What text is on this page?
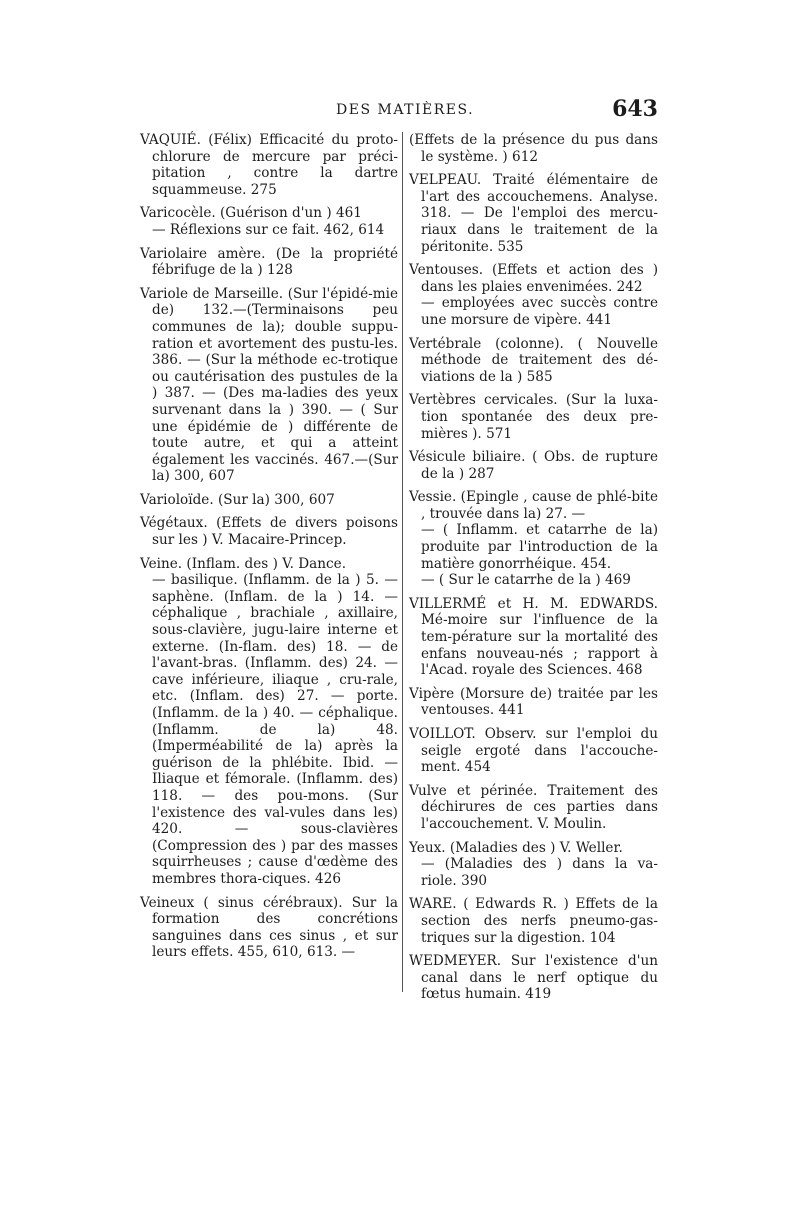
DES MATIÈRES.	643

VAQUIÉ. (Félix) Efficacité du proto-chlorure de mercure par préci-pitation , contre la dartre squammeuse. 275

Varicocèle. (Guérison d'un ) 461
— Réflexions sur ce fait. 462, 614

Variolaire amère. (De la propriété fébrifuge de la ) 128

Variole de Marseille. (Sur l'épidé-mie de) 132.—(Terminaisons peu communes de la); double suppu-ration et avortement des pustu-les. 386. — (Sur la méthode ec-trotique ou cautérisation des pustules de la ) 387. — (Des ma-ladies des yeux survenant dans la ) 390. — ( Sur une épidémie de ) différente de toute autre, et qui a atteint également les vaccinés. 467.—(Sur la) 300, 607

Varioloïde. (Sur la) 300, 607

Végétaux. (Effets de divers poisons sur les ) V. Macaire-Princep.

Veine. (Inflam. des ) V. Dance.
— basilique. (Inflamm. de la ) 5. — saphène. (Inflam. de la ) 14. — céphalique , brachiale , axillaire, sous-clavière, jugu-laire interne et externe. (In-flam. des) 18. — de l'avant-bras. (Inflamm. des) 24. — cave inférieure, iliaque , cru-rale, etc. (Inflam. des) 27. — porte. (Inflamm. de la ) 40. — céphalique. (Inflamm. de la) 48. (Imperméabilité de la) après la guérison de la phlébite. Ibid. — Iliaque et fémorale. (Inflamm. des) 118. — des pou-mons. (Sur l'existence des val-vules dans les) 420. — sous-clavières (Compression des ) par des masses squirrheuses ; cause d'œdème des membres thora-ciques. 426

Veineux ( sinus cérébraux). Sur la formation des concrétions sanguines dans ces sinus , et sur leurs effets. 455, 610, 613. —

(Effets de la présence du pus dans le système. ) 612

VELPEAU. Traité élémentaire de l'art des accouchemens. Analyse. 318. — De l'emploi des mercu-riaux dans le traitement de la péritonite. 535

Ventouses. (Effets et action des ) dans les plaies envenimées. 242
— employées avec succès contre une morsure de vipère. 441

Vertébrale (colonne). ( Nouvelle méthode de traitement des dé-viations de la ) 585

Vertèbres cervicales. (Sur la luxa-tion spontanée des deux pre-mières ). 571

Vésicule biliaire. ( Obs. de rupture de la ) 287

Vessie. (Epingle , cause de phlé-bite , trouvée dans la) 27. —
— ( Inflamm. et catarrhe de la) produite par l'introduction de la matière gonorrhéique. 454.
— ( Sur le catarrhe de la ) 469

VILLERMÉ et H. M. EDWARDS. Mé-moire sur l'influence de la tem-pérature sur la mortalité des enfans nouveau-nés ; rapport à l'Acad. royale des Sciences. 468

Vipère (Morsure de) traitée par les ventouses. 441

VOILLOT. Observ. sur l'emploi du seigle ergoté dans l'accouche-ment. 454

Vulve et périnée. Traitement des déchirures de ces parties dans l'accouchement. V. Moulin.

Yeux. (Maladies des ) V. Weller.
— (Maladies des ) dans la va-riole. 390

WARE. ( Edwards R. ) Effets de la section des nerfs pneumo-gas-triques sur la digestion. 104

WEDMEYER. Sur l'existence d'un canal dans le nerf optique du fœtus humain. 419
